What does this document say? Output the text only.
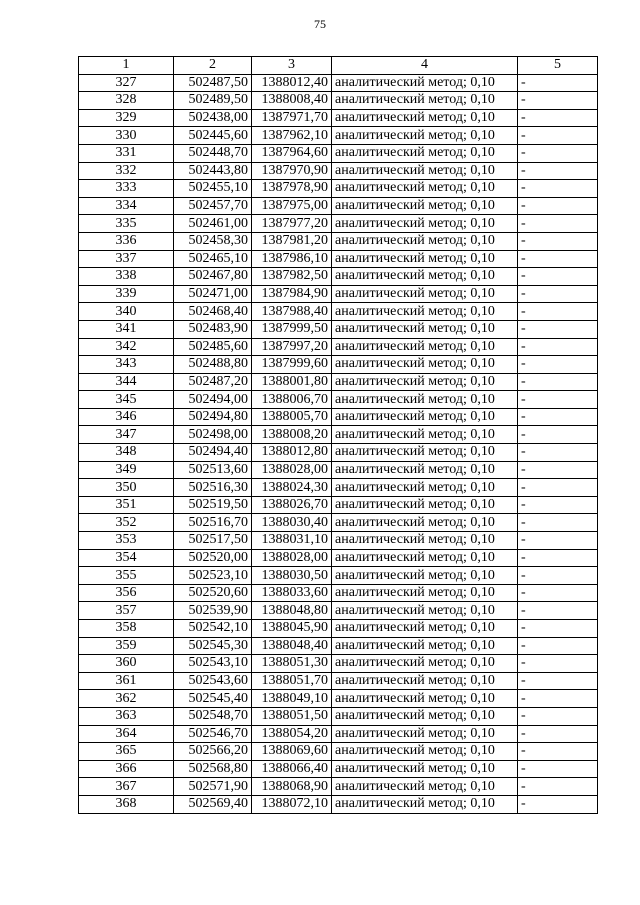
75
1	2	3	4	5
327	502487,50	1388012,40	аналитический метод; 0,10	-
328	502489,50	1388008,40	аналитический метод; 0,10	-
329	502438,00	1387971,70	аналитический метод; 0,10	-
330	502445,60	1387962,10	аналитический метод; 0,10	-
331	502448,70	1387964,60	аналитический метод; 0,10	-
332	502443,80	1387970,90	аналитический метод; 0,10	-
333	502455,10	1387978,90	аналитический метод; 0,10	-
334	502457,70	1387975,00	аналитический метод; 0,10	-
335	502461,00	1387977,20	аналитический метод; 0,10	-
336	502458,30	1387981,20	аналитический метод; 0,10	-
337	502465,10	1387986,10	аналитический метод; 0,10	-
338	502467,80	1387982,50	аналитический метод; 0,10	-
339	502471,00	1387984,90	аналитический метод; 0,10	-
340	502468,40	1387988,40	аналитический метод; 0,10	-
341	502483,90	1387999,50	аналитический метод; 0,10	-
342	502485,60	1387997,20	аналитический метод; 0,10	-
343	502488,80	1387999,60	аналитический метод; 0,10	-
344	502487,20	1388001,80	аналитический метод; 0,10	-
345	502494,00	1388006,70	аналитический метод; 0,10	-
346	502494,80	1388005,70	аналитический метод; 0,10	-
347	502498,00	1388008,20	аналитический метод; 0,10	-
348	502494,40	1388012,80	аналитический метод; 0,10	-
349	502513,60	1388028,00	аналитический метод; 0,10	-
350	502516,30	1388024,30	аналитический метод; 0,10	-
351	502519,50	1388026,70	аналитический метод; 0,10	-
352	502516,70	1388030,40	аналитический метод; 0,10	-
353	502517,50	1388031,10	аналитический метод; 0,10	-
354	502520,00	1388028,00	аналитический метод; 0,10	-
355	502523,10	1388030,50	аналитический метод; 0,10	-
356	502520,60	1388033,60	аналитический метод; 0,10	-
357	502539,90	1388048,80	аналитический метод; 0,10	-
358	502542,10	1388045,90	аналитический метод; 0,10	-
359	502545,30	1388048,40	аналитический метод; 0,10	-
360	502543,10	1388051,30	аналитический метод; 0,10	-
361	502543,60	1388051,70	аналитический метод; 0,10	-
362	502545,40	1388049,10	аналитический метод; 0,10	-
363	502548,70	1388051,50	аналитический метод; 0,10	-
364	502546,70	1388054,20	аналитический метод; 0,10	-
365	502566,20	1388069,60	аналитический метод; 0,10	-
366	502568,80	1388066,40	аналитический метод; 0,10	-
367	502571,90	1388068,90	аналитический метод; 0,10	-
368	502569,40	1388072,10	аналитический метод; 0,10	-
